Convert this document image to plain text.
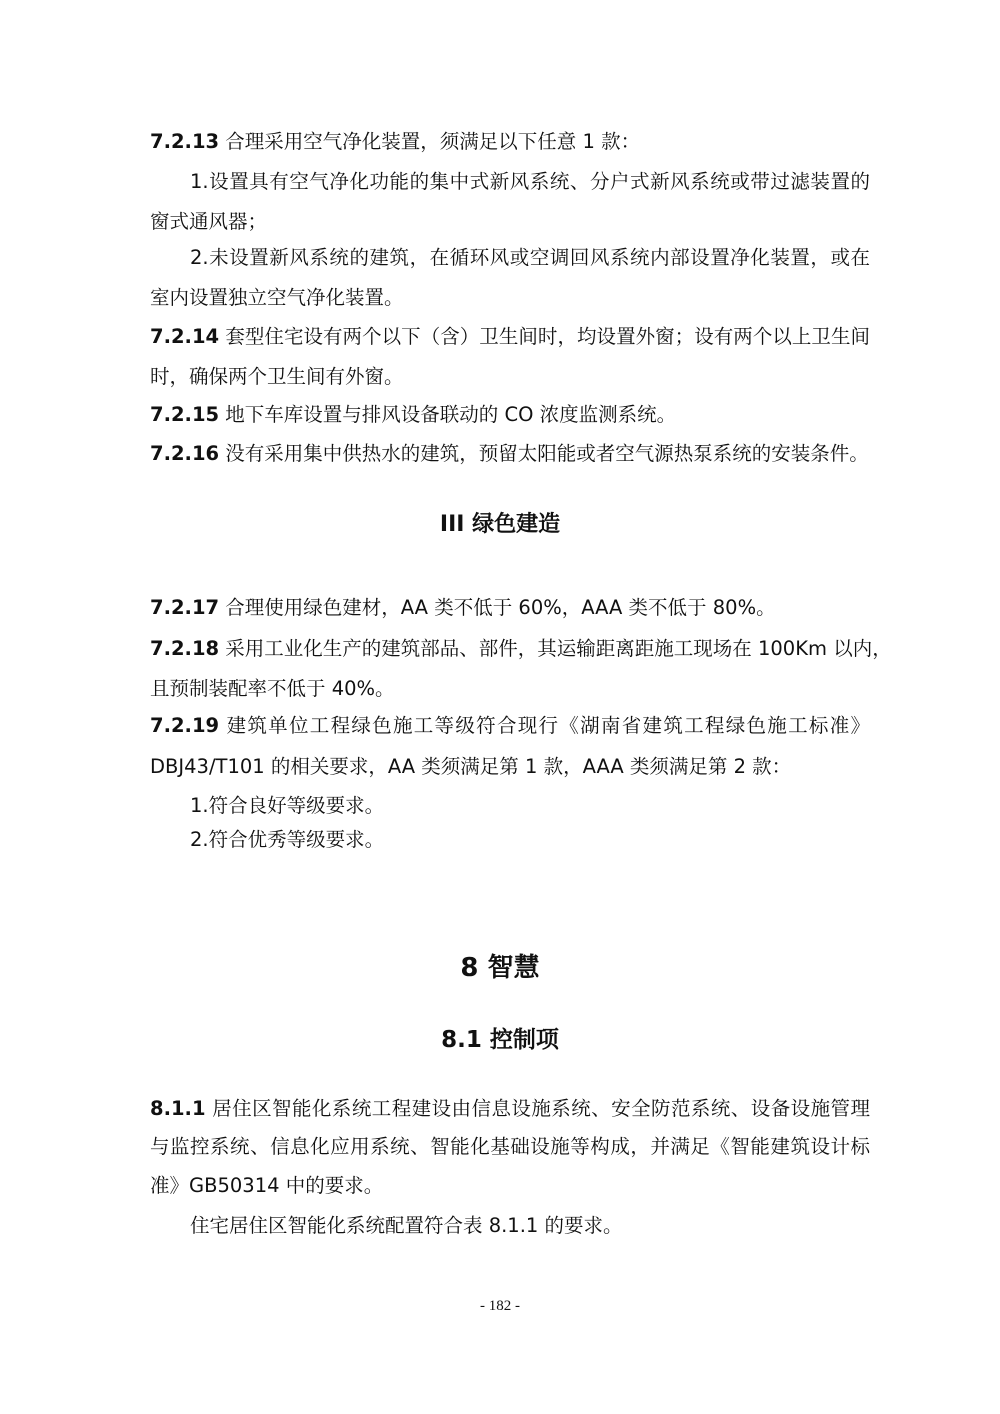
7.2.13 合理采用空气净化装置，须满足以下任意 1 款：
1.设置具有空气净化功能的集中式新风系统、分户式新风系统或带过滤装置的
窗式通风器；
2.未设置新风系统的建筑，在循环风或空调回风系统内部设置净化装置，或在
室内设置独立空气净化装置。
7.2.14 套型住宅设有两个以下（含）卫生间时，均设置外窗；设有两个以上卫生间
时，确保两个卫生间有外窗。
7.2.15 地下车库设置与排风设备联动的 CO 浓度监测系统。
7.2.16 没有采用集中供热水的建筑，预留太阳能或者空气源热泵系统的安装条件。
III 绿色建造
7.2.17 合理使用绿色建材，AA 类不低于 60%，AAA 类不低于 80%。
7.2.18 采用工业化生产的建筑部品、部件，其运输距离距施工现场在 100Km 以内，
且预制装配率不低于 40%。
7.2.19 建筑单位工程绿色施工等级符合现行《湖南省建筑工程绿色施工标准》
DBJ43/T101 的相关要求，AA 类须满足第 1 款，AAA 类须满足第 2 款：
1.符合良好等级要求。
2.符合优秀等级要求。
8 智慧
8.1 控制项
8.1.1 居住区智能化系统工程建设由信息设施系统、安全防范系统、设备设施管理
与监控系统、信息化应用系统、智能化基础设施等构成，并满足《智能建筑设计标
准》GB50314 中的要求。
住宅居住区智能化系统配置符合表 8.1.1 的要求。
- 182 -
